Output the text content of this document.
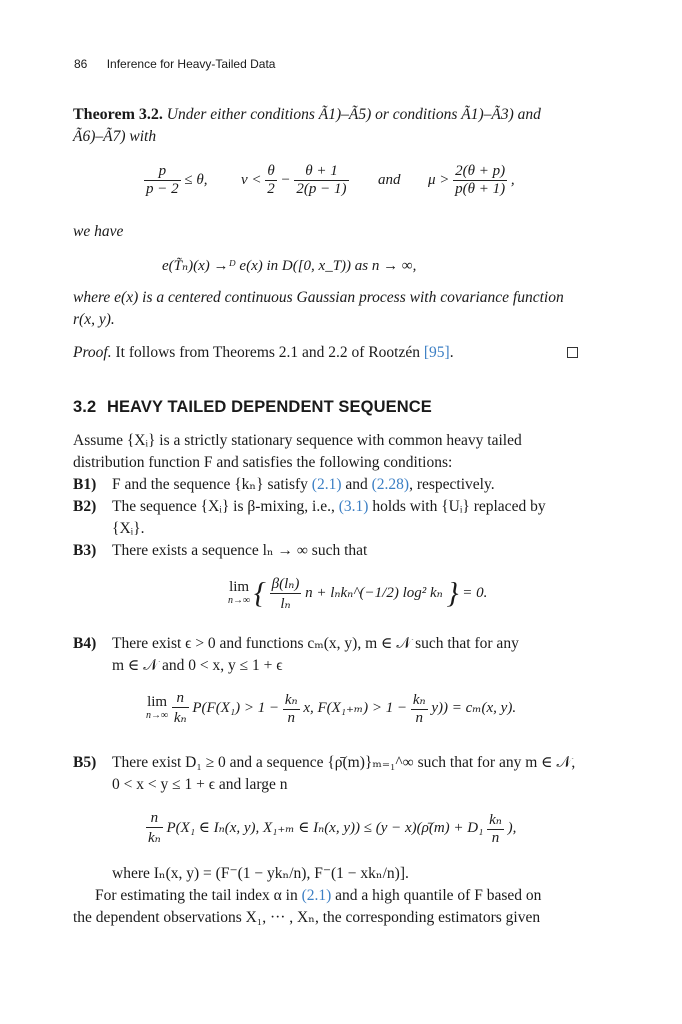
86 Inference for Heavy-Tailed Data
Theorem 3.2. Under either conditions Ã1)–Ã5) or conditions Ã1)–Ã3) and
Ã6)–Ã7) with
$\frac{p}{p - 2} \le \theta$, $\nu < \frac{\theta}{2} - \frac{\theta + 1}{2(p - 1)}$ and $\mu > \frac{2(\theta + p)}{p(\theta + 1)}$ ,
we have
e(T̃ₙ)(x) →ᴰ e(x) in D([0, x_T)) as n → ∞,
where e(x) is a centered continuous Gaussian process with covariance function
r(x, y).
Proof. It follows from Theorems 2.1 and 2.2 of Rootzén [95].
3.2 HEAVY TAILED DEPENDENT SEQUENCE
Assume {Xᵢ} is a strictly stationary sequence with common heavy tailed
distribution function F and satisfies the following conditions:
B1) F and the sequence {kₙ} satisfy (2.1) and (2.28), respectively.
B2) The sequence {Xᵢ} is β-mixing, i.e., (3.1) holds with {Uᵢ} replaced by
{Xᵢ}.
B3) There exists a sequence lₙ → ∞ such that
lim
n→∞ { $\frac{\text{β(lₙ)}}{\text{lₙ}}$ n + lₙkₙ^(−1/2) log² kₙ } = 0.
B4) There exist ϵ > 0 and functions cₘ(x, y), m ∈ 𝒩 such that for any
m ∈ 𝒩 and 0 < x, y ≤ 1 + ϵ
lim
n→∞
$\frac{n}{\text{kₙ}} P(F(X_1) > 1 - \frac{\text{kₙ}}{n} x$, $F(X_{1+m}) > 1 - \frac{\text{kₙ}}{n} y)) = c_m(x$, y).
B5) There exist D₁ ≥ 0 and a sequence {ρ̄(m)}ₘ₌₁^∞ such that for any m ∈ 𝒩,
0 < x < y ≤ 1 + ϵ and large n
$\frac{n}{\text{kₙ}} P(X_1$ ∈ Iₙ(x, y), X₁₊ₘ ∈ Iₙ(x, y)) ≤ (y − x)(ρ̄(m) + $D_1 \frac{\text{kₙ}}{n}$ ),
where Iₙ(x, y) = (F⁻(1 − ykₙ/n), F⁻(1 − xkₙ/n)].
For estimating the tail index α in (2.1) and a high quantile of F based on
the dependent observations X₁, ··· , Xₙ, the corresponding estimators given
